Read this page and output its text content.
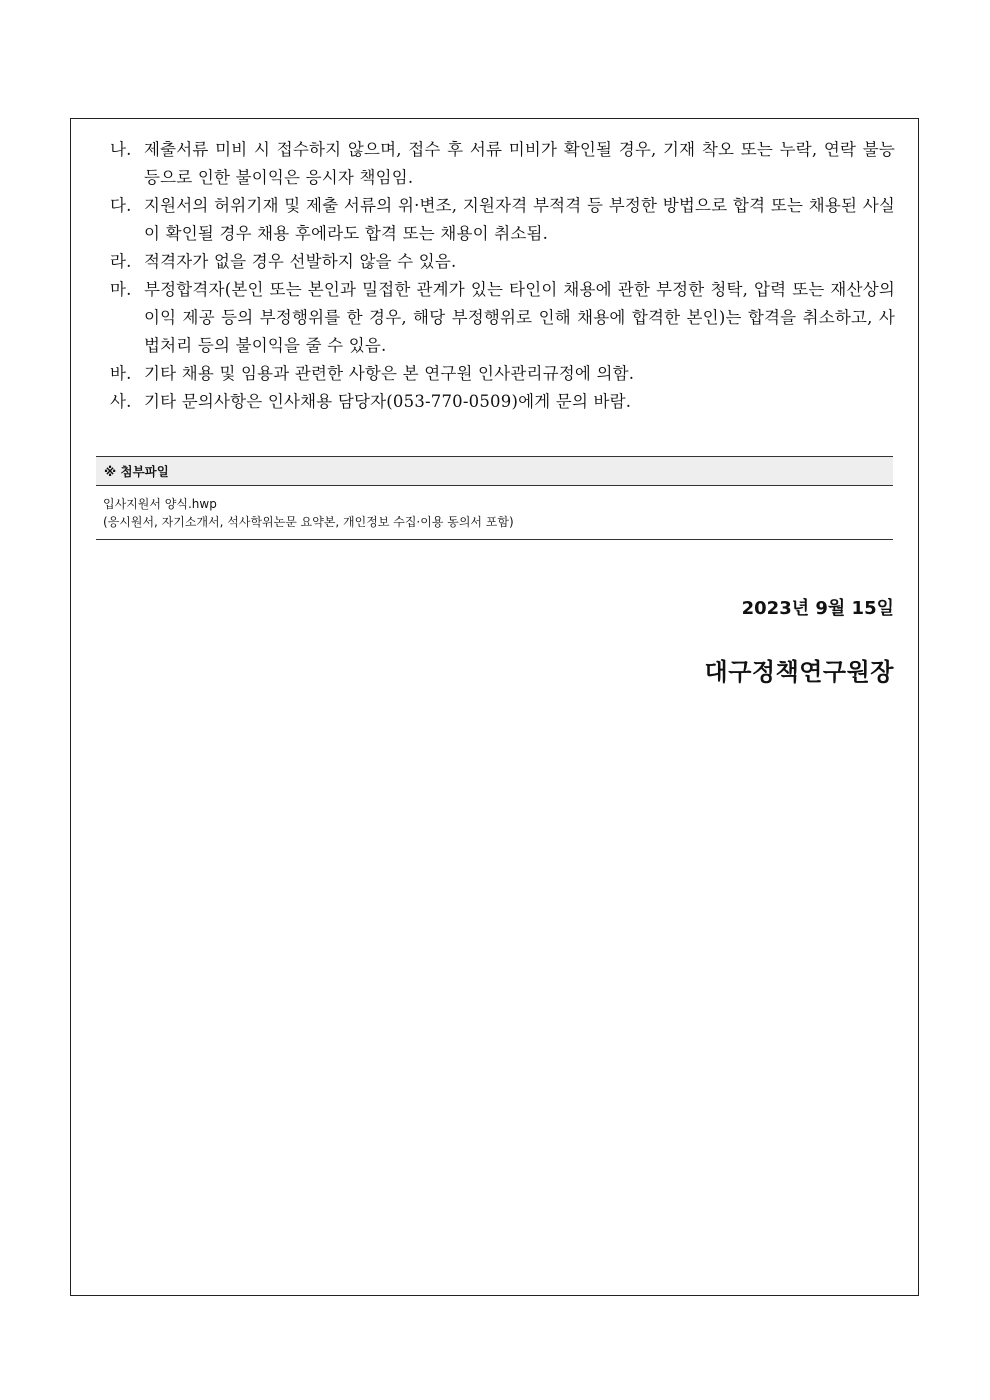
나. 제출서류 미비 시 접수하지 않으며, 접수 후 서류 미비가 확인될 경우, 기재 착오 또는 누락, 연락 불능 등으로 인한 불이익은 응시자 책임임.
다. 지원서의 허위기재 및 제출 서류의 위·변조, 지원자격 부적격 등 부정한 방법으로 합격 또는 채용된 사실이 확인될 경우 채용 후에라도 합격 또는 채용이 취소됨.
라. 적격자가 없을 경우 선발하지 않을 수 있음.
마. 부정합격자(본인 또는 본인과 밀접한 관계가 있는 타인이 채용에 관한 부정한 청탁, 압력 또는 재산상의 이익 제공 등의 부정행위를 한 경우, 해당 부정행위로 인해 채용에 합격한 본인)는 합격을 취소하고, 사법처리 등의 불이익을 줄 수 있음.
바. 기타 채용 및 임용과 관련한 사항은 본 연구원 인사관리규정에 의함.
사. 기타 문의사항은 인사채용 담당자(053-770-0509)에게 문의 바람.
※ 첨부파일
입사지원서 양식.hwp
(응시원서, 자기소개서, 석사학위논문 요약본, 개인정보 수집·이용 동의서 포함)
2023년 9월 15일
대구정책연구원장
